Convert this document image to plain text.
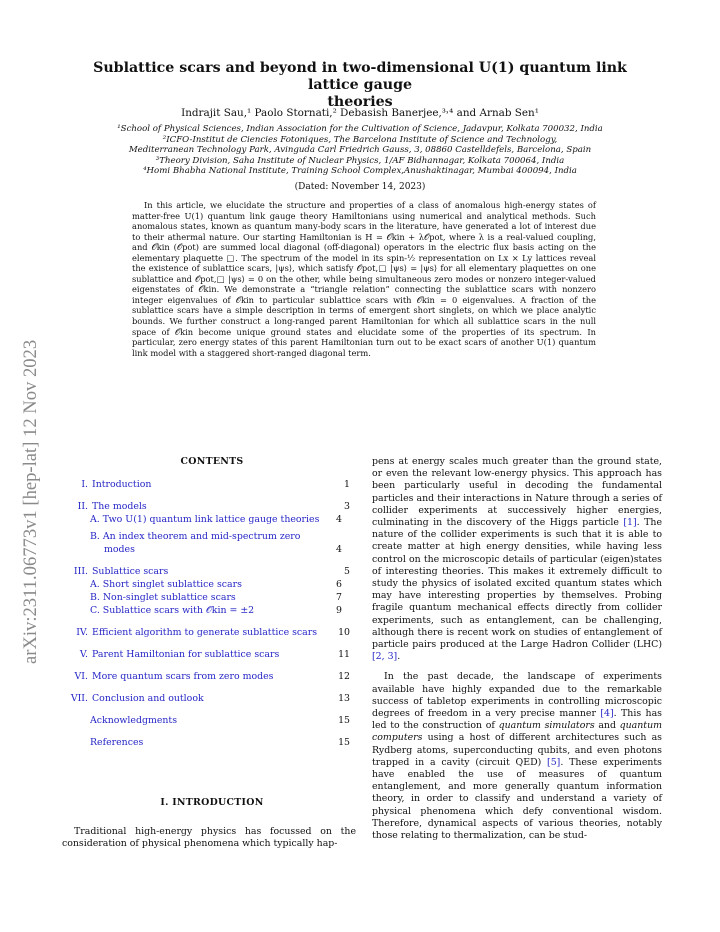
arXiv:2311.06773v1 [hep-lat] 12 Nov 2023
Sublattice scars and beyond in two-dimensional U(1) quantum link lattice gauge
theories
Indrajit Sau,¹ Paolo Stornati,² Debasish Banerjee,³˒⁴ and Arnab Sen¹
¹School of Physical Sciences, Indian Association for the Cultivation of Science, Jadavpur, Kolkata 700032, India
²ICFO-Institut de Ciencies Fotoniques, The Barcelona Institute of Science and Technology,
Mediterranean Technology Park, Avinguda Carl Friedrich Gauss, 3, 08860 Castelldefels, Barcelona, Spain
³Theory Division, Saha Institute of Nuclear Physics, 1/AF Bidhannagar, Kolkata 700064, India
⁴Homi Bhabha National Institute, Training School Complex,Anushaktinagar, Mumbai 400094, India
(Dated: November 14, 2023)
In this article, we elucidate the structure and properties of a class of anomalous high-energy states of matter-free U(1) quantum link gauge theory Hamiltonians using numerical and analytical methods. Such anomalous states, known as quantum many-body scars in the literature, have generated a lot of interest due to their athermal nature. Our starting Hamiltonian is H = 𝒪kin + λ𝒪pot, where λ is a real-valued coupling, and 𝒪kin (𝒪pot) are summed local diagonal (off-diagonal) operators in the electric flux basis acting on the elementary plaquette □. The spectrum of the model in its spin-½ representation on Lx × Ly lattices reveal the existence of sublattice scars, |ψs⟩, which satisfy 𝒪pot,□ |ψs⟩ = |ψs⟩ for all elementary plaquettes on one sublattice and 𝒪pot,□ |ψs⟩ = 0 on the other, while being simultaneous zero modes or nonzero integer-valued eigenstates of 𝒪kin. We demonstrate a “triangle relation” connecting the sublattice scars with nonzero integer eigenvalues of 𝒪kin to particular sublattice scars with 𝒪kin = 0 eigenvalues. A fraction of the sublattice scars have a simple description in terms of emergent short singlets, on which we place analytic bounds. We further construct a long-ranged parent Hamiltonian for which all sublattice scars in the null space of 𝒪kin become unique ground states and elucidate some of the properties of its spectrum. In particular, zero energy states of this parent Hamiltonian turn out to be exact scars of another U(1) quantum link model with a staggered short-ranged diagonal term.
CONTENTS
I. Introduction	1
II. The models	3
A. Two U(1) quantum link lattice gauge theories 4
B. An index theorem and mid-spectrum zero modes	4
III. Sublattice scars	5
A. Short singlet sublattice scars	6
B. Non-singlet sublattice scars	7
C. Sublattice scars with 𝒪kin = ±2	9
IV. Efficient algorithm to generate sublattice scars 10
V. Parent Hamiltonian for sublattice scars	11
VI. More quantum scars from zero modes	12
VII. Conclusion and outlook	13
Acknowledgments	15
References	15
I. INTRODUCTION
Traditional high-energy physics has focussed on the consideration of physical phenomena which typically hap-

pens at energy scales much greater than the ground state, or even the relevant low-energy physics. This approach has been particularly useful in decoding the fundamental particles and their interactions in Nature through a series of collider experiments at successively higher energies, culminating in the discovery of the Higgs particle [1]. The nature of the collider experiments is such that it is able to create matter at high energy densities, while having less control on the microscopic details of particular (eigen)states of interesting theories. This makes it extremely difficult to study the physics of isolated excited quantum states which may have interesting properties by themselves. Probing fragile quantum mechanical effects directly from collider experiments, such as entanglement, can be challenging, although there is recent work on studies of entanglement of particle pairs produced at the Large Hadron Collider (LHC) [2, 3].

In the past decade, the landscape of experiments available have highly expanded due to the remarkable success of tabletop experiments in controlling microscopic degrees of freedom in a very precise manner [4]. This has led to the construction of quantum simulators and quantum computers using a host of different architectures such as Rydberg atoms, superconducting qubits, and even photons trapped in a cavity (circuit QED) [5]. These experiments have enabled the use of measures of quantum entanglement, and more generally quantum information theory, in order to classify and understand a variety of physical phenomena which defy conventional wisdom. Therefore, dynamical aspects of various theories, notably those relating to thermalization, can be stud-
